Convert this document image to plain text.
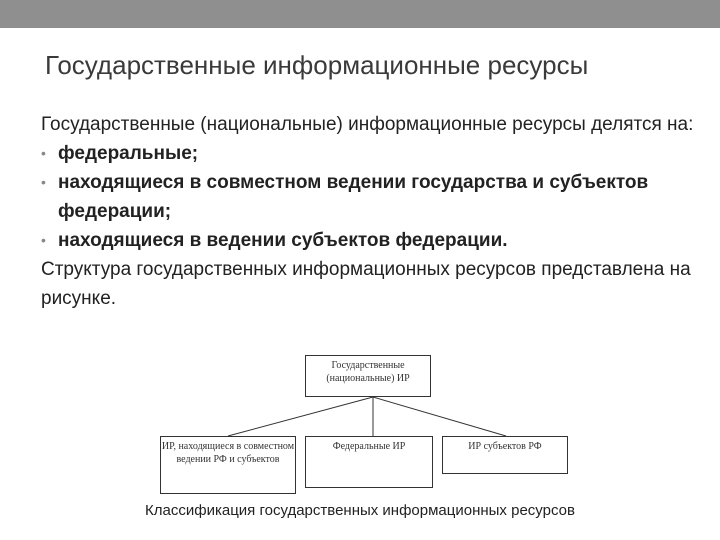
Государственные информационные ресурсы

Государственные (национальные) информационные ресурсы делятся на:

• федеральные;
• находящиеся в совместном ведении государства и субъектов федерации;
• находящиеся в ведении субъектов федерации.

Структура государственных информационных ресурсов представлена на рисунке.

Государственные (национальные) ИР
ИР, находящиеся в совместном ведении РФ и субъектов
Федеральные ИР	ИР субъектов РФ
Классификация государственных информационных ресурсов
